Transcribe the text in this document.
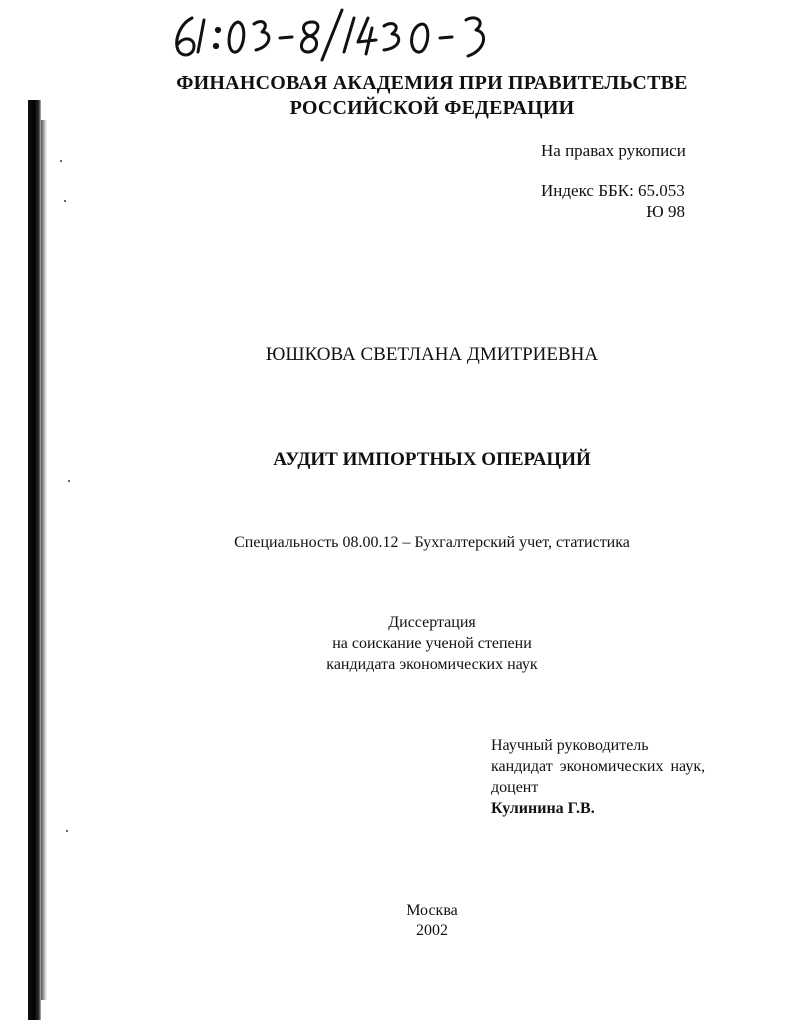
ФИНАНСОВАЯ АКАДЕМИЯ ПРИ ПРАВИТЕЛЬСТВЕ
РОССИЙСКОЙ ФЕДЕРАЦИИ
На правах рукописи
Индекс ББК: 65.053
Ю 98
ЮШКОВА СВЕТЛАНА ДМИТРИЕВНА
АУДИТ ИМПОРТНЫХ ОПЕРАЦИЙ
Специальность 08.00.12 – Бухгалтерский учет, статистика
Диссертация
на соискание ученой степени
кандидата экономических наук
Научный руководитель
кандидат экономических наук,
доцент
Кулинина Г.В.
Москва
2002
